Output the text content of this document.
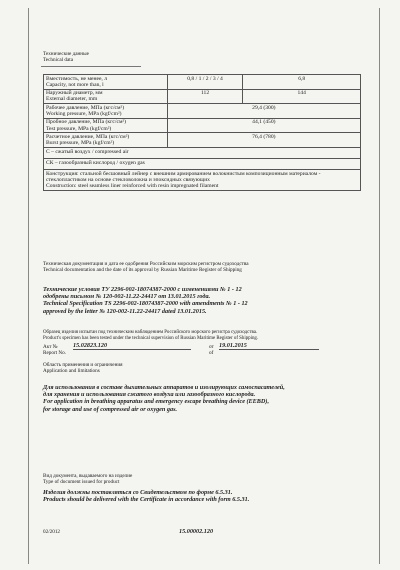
Технические данные
Technical data
Вместимость, не менее, л
Capacity, not more than, l	0,8 / 1 / 2 / 3 / 4	6,8

Наружный диаметр, мм
External diameter, mm	112	144

Рабочее давление, МПа (кгс/см²)
Working pressure, MPa (kgf/cm²)	29,4 (300)	

Пробное давление, МПа (кгс/см²)
Test pressure, MPa (kgf/cm²)	44,1 (450)	

Расчетное давление, МПа (кгс/см²)
Burst pressure, MPa (kgf/cm²)	76,4 (780)	
С – сжатый воздух / compressed air		
СК – газообразный кислород / oxygen gas		

Конструкция: стальной бесшовный лейнер с внешним армированием волокнистым композиционным материалом - стеклопластиком на основе стекловолокна и эпоксидных связующих
Construction: steel seamless liner reinforced with resin impregnated filament		
Техническая документация и дата ее одобрения Российским морским регистром судоходства
Technical documentation and the date of its approval by Russian Maritime Register of Shipping
Технические условия ТУ 2296-002-18074387-2000 с изменениями № 1 - 12
одобрены письмом № 120-002-11.22-24417 от 13.01.2015 года.
Technical Specification TS 2296-002-18074387-2000 with amendments № 1 - 12
approved by the letter № 120-002-11.22-24417 dated 13.01.2015.
Образец изделия испытан под техническим наблюдением Российского морского регистра судоходства.
Product's specimen has been tested under the technical supervision of Russian Maritime Register of Shipping.
Акт №
Report No.
15.02823.120	от
of
19.01.2015
Область применения и ограничения
Application and limitations
Для использования в составе дыхательных аппаратов и изолирующих самоспасателей,
для хранения и использования сжатого воздуха или газообразного кислорода.
For application in breathing apparatus and emergency escape breathing device (EEBD),
for storage and use of compressed air or oxygen gas.
Вид документа, выдаваемого на изделие
Type of document issued for product
Изделия должны поставляться со Свидетельством по форме 6.5.31.
Products should be delivered with the Certificate in accordance with form 6.5.31.
02/2012	15.00002.120
